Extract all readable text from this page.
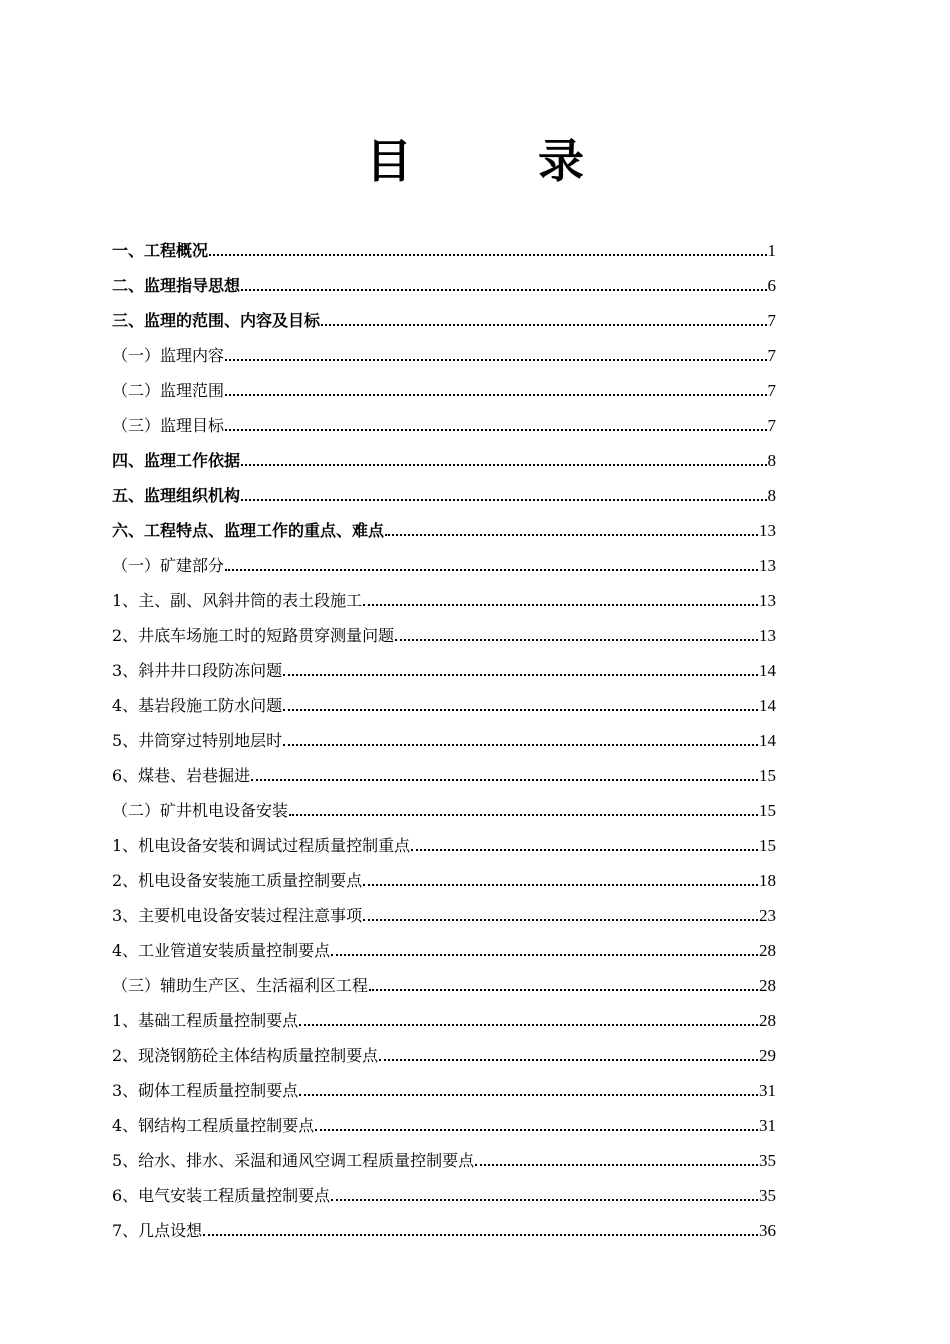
目　录
一、工程概况	1
二、监理指导思想	6
三、监理的范围、内容及目标	7
（一）监理内容	7
（二）监理范围	7
（三）监理目标	7
四、监理工作依据	8
五、监理组织机构	8
六、工程特点、监理工作的重点、难点	13
（一）矿建部分	13
1、主、副、风斜井筒的表土段施工	13
2、井底车场施工时的短路贯穿测量问题	13
3、斜井井口段防冻问题	14
4、基岩段施工防水问题	14
5、井筒穿过特别地层时	14
6、煤巷、岩巷掘进	15
（二）矿井机电设备安装	15
1、机电设备安装和调试过程质量控制重点	15
2、机电设备安装施工质量控制要点	18
3、主要机电设备安装过程注意事项	23
4、工业管道安装质量控制要点	28
（三）辅助生产区、生活福利区工程	28
1、基础工程质量控制要点	28
2、现浇钢筋砼主体结构质量控制要点	29
3、砌体工程质量控制要点	31
4、钢结构工程质量控制要点	31
5、给水、排水、采温和通风空调工程质量控制要点	35
6、电气安装工程质量控制要点	35
7、几点设想	36
